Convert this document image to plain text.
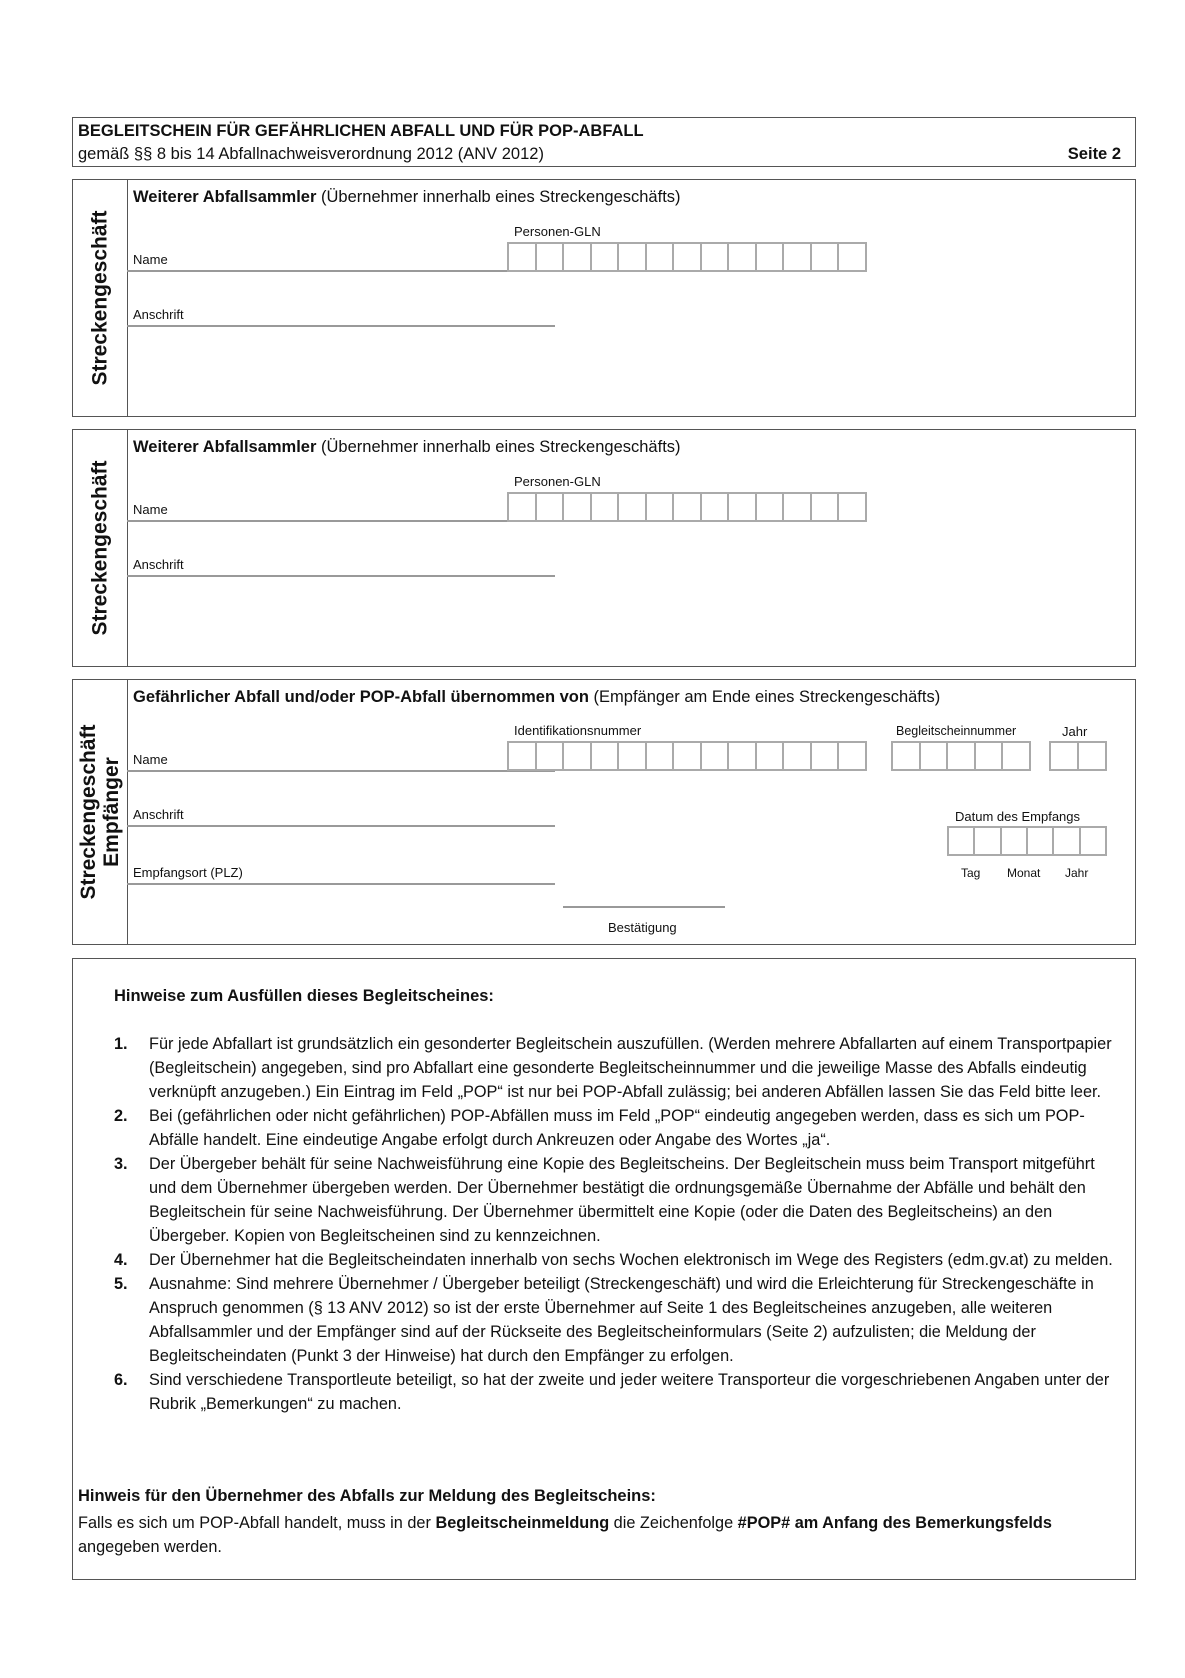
BEGLEITSCHEIN FÜR GEFÄHRLICHEN ABFALL UND FÜR POP-ABFALL
gemäß §§ 8 bis 14 Abfallnachweisverordnung 2012 (ANV 2012)	Seite 2
Streckengeschäft
Weiterer Abfallsammler (Übernehmer innerhalb eines Streckengeschäfts)
Name
Anschrift
Personen-GLN
Streckengeschäft
Weiterer Abfallsammler (Übernehmer innerhalb eines Streckengeschäfts)
Name
Anschrift
Personen-GLN
Streckengeschäft
Empfänger
Gefährlicher Abfall und/oder POP-Abfall übernommen von (Empfänger am Ende eines Streckengeschäfts)
Name
Anschrift
Empfangsort (PLZ)
Identifikationsnummer	Begleitscheinnummer	Jahr
Datum des Empfangs
Tag Monat Jahr
Bestätigung
Hinweise zum Ausfüllen dieses Begleitscheines:
1. Für jede Abfallart ist grundsätzlich ein gesonderter Begleitschein auszufüllen. (Werden mehrere Abfallarten auf einem Transportpapier (Begleitschein) angegeben, sind pro Abfallart eine gesonderte Begleitscheinnummer und die jeweilige Masse des Abfalls eindeutig verknüpft anzugeben.) Ein Eintrag im Feld „POP“ ist nur bei POP-Abfall zulässig; bei anderen Abfällen lassen Sie das Feld bitte leer.
2. Bei (gefährlichen oder nicht gefährlichen) POP-Abfällen muss im Feld „POP“ eindeutig angegeben werden, dass es sich um POP-Abfälle handelt. Eine eindeutige Angabe erfolgt durch Ankreuzen oder Angabe des Wortes „ja“.
3. Der Übergeber behält für seine Nachweisführung eine Kopie des Begleitscheins. Der Begleitschein muss beim Transport mitgeführt und dem Übernehmer übergeben werden. Der Übernehmer bestätigt die ordnungsgemäße Übernahme der Abfälle und behält den Begleitschein für seine Nachweisführung. Der Übernehmer übermittelt eine Kopie (oder die Daten des Begleitscheins) an den Übergeber. Kopien von Begleitscheinen sind zu kennzeichnen.
4. Der Übernehmer hat die Begleitscheindaten innerhalb von sechs Wochen elektronisch im Wege des Registers (edm.gv.at) zu melden.
5. Ausnahme: Sind mehrere Übernehmer / Übergeber beteiligt (Streckengeschäft) und wird die Erleichterung für Streckengeschäfte in Anspruch genommen (§ 13 ANV 2012) so ist der erste Übernehmer auf Seite 1 des Begleitscheines anzugeben, alle weiteren Abfallsammler und der Empfänger sind auf der Rückseite des Begleitscheinformulars (Seite 2) aufzulisten; die Meldung der Begleitscheindaten (Punkt 3 der Hinweise) hat durch den Empfänger zu erfolgen.
6. Sind verschiedene Transportleute beteiligt, so hat der zweite und jeder weitere Transporteur die vorgeschriebenen Angaben unter der Rubrik „Bemerkungen“ zu machen.
Hinweis für den Übernehmer des Abfalls zur Meldung des Begleitscheins:
Falls es sich um POP-Abfall handelt, muss in der Begleitscheinmeldung die Zeichenfolge #POP# am Anfang des Bemerkungsfelds angegeben werden.
